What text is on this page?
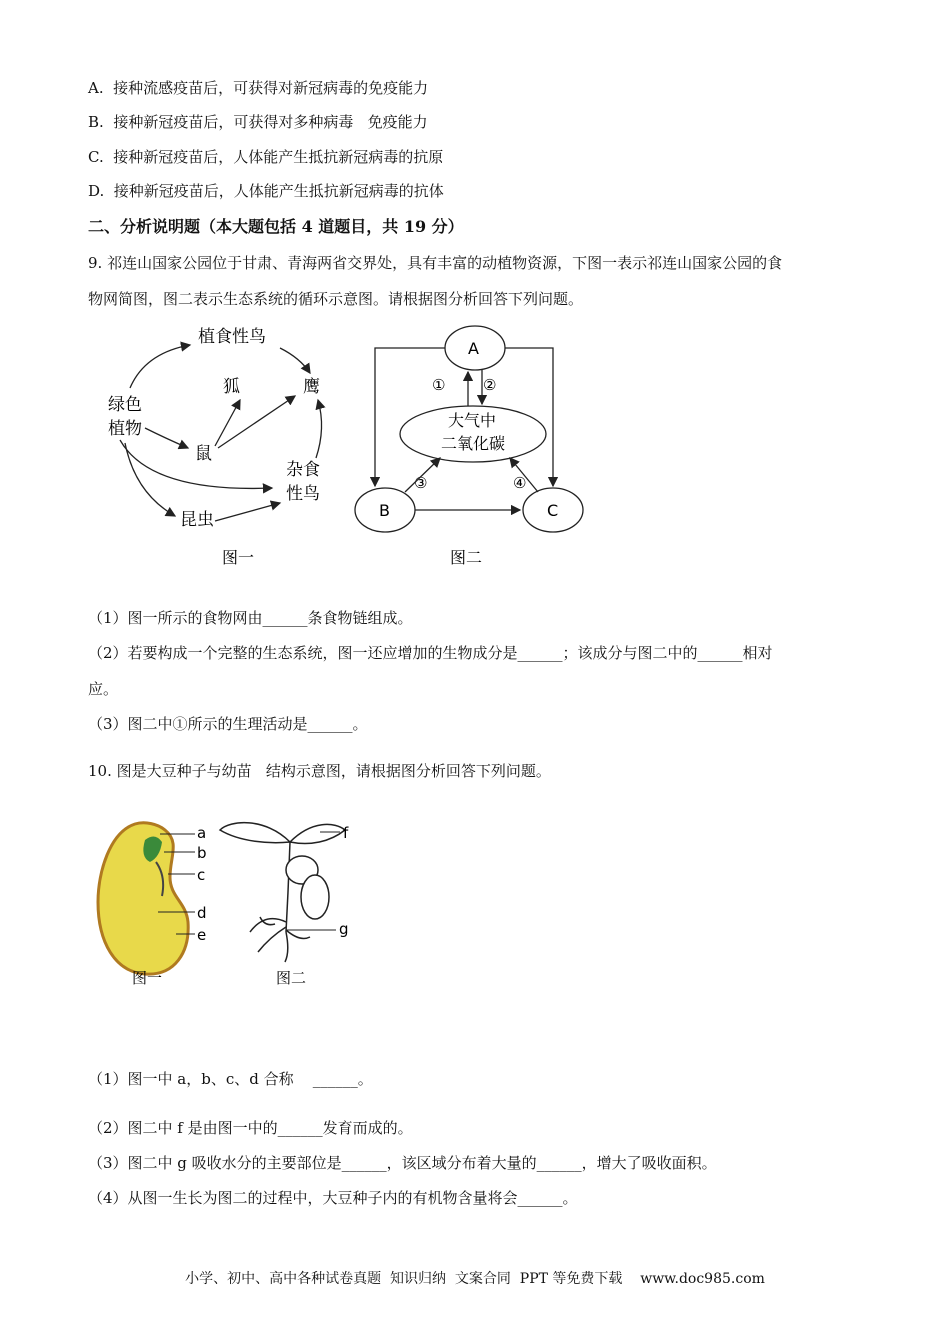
A.  接种流感疫苗后，可获得对新冠病毒的免疫能力
B.  接种新冠疫苗后，可获得对多种病毒   免疫能力
C.  接种新冠疫苗后，人体能产生抵抗新冠病毒的抗原
D.  接种新冠疫苗后，人体能产生抵抗新冠病毒的抗体
二、分析说明题（本大题包括 4 道题目，共 19 分）
9. 祁连山国家公园位于甘肃、青海两省交界处，具有丰富的动植物资源，下图一表示祁连山国家公园的食
物网简图，图二表示生态系统的循环示意图。请根据图分析回答下列问题。
绿色
植物
植食性鸟
狐	鹰
鼠
杂食
性鸟
昆虫
图一
A
大气中
二氧化碳
B	C
①	②
③	④
图二
（1）图一所示的食物网由______条食物链组成。
（2）若要构成一个完整的生态系统，图一还应增加的生物成分是______；该成分与图二中的______相对
应。
（3）图二中①所示的生理活动是______。
10. 图是大豆种子与幼苗   结构示意图，请根据图分析回答下列问题。
a
b
c
d
e
图一
f
g
图二
（1）图一中 a，b、c、d 合称    ______。
（2）图二中 f 是由图一中的______发育而成的。
（3）图二中 g 吸收水分的主要部位是______，该区域分布着大量的______，增大了吸收面积。
（4）从图一生长为图二的过程中，大豆种子内的有机物含量将会______。
小学、初中、高中各种试卷真题  知识归纳  文案合同  PPT 等免费下载    www.doc985.com
